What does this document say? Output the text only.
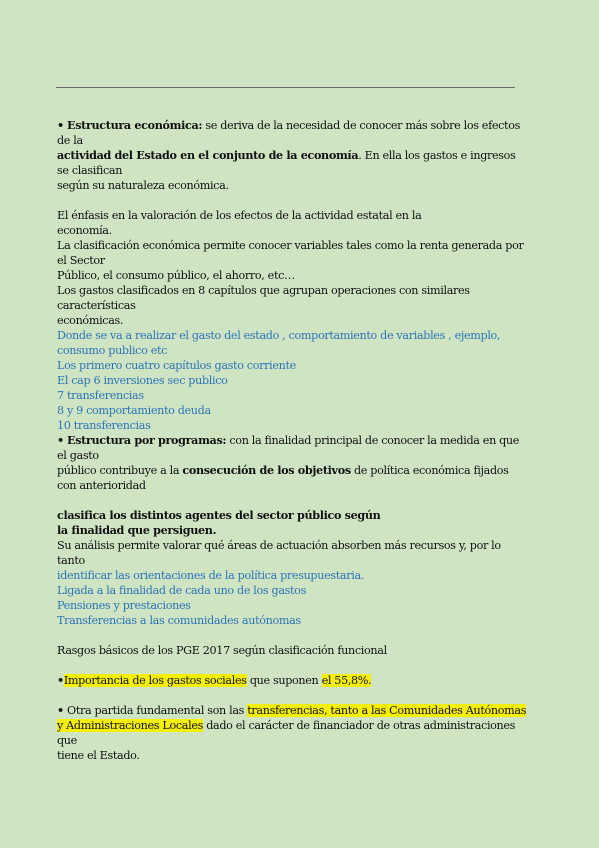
• Estructura económica: se deriva de la necesidad de conocer más sobre los efectos de la
actividad del Estado en el conjunto de la economía. En ella los gastos e ingresos se clasifican
según su naturaleza económica.

El énfasis en la valoración de los efectos de la actividad estatal en la
economía.
La clasificación económica permite conocer variables tales como la renta generada por el Sector
Público, el consumo público, el ahorro, etc…
Los gastos clasificados en 8 capítulos que agrupan operaciones con similares características
económicas.

Donde se va a realizar el gasto del estado , comportamiento de variables , ejemplo, consumo publico etc
Los primero cuatro capítulos gasto corriente
El cap 6 inversiones sec publico
7 transferencias
8 y 9 comportamiento deuda
10 transferencias

• Estructura por programas: con la finalidad principal de conocer la medida en que el gasto
público contribuye a la consecución de los objetivos de política económica fijados con anterioridad

clasifica los distintos agentes del sector público según
la finalidad que persiguen.
Su análisis permite valorar qué áreas de actuación absorben más recursos y, por lo tanto

identificar las orientaciones de la política presupuestaria.
Ligada a la finalidad de cada uno de los gastos
Pensiones y prestaciones
Transferencias a las comunidades autónomas

Rasgos básicos de los PGE 2017 según clasificación funcional

•Importancia de los gastos sociales que suponen el 55,8%.

• Otra partida fundamental son las transferencias, tanto a las Comunidades Autónomas y Administraciones Locales dado el carácter de financiador de otras administraciones que
tiene el Estado.
